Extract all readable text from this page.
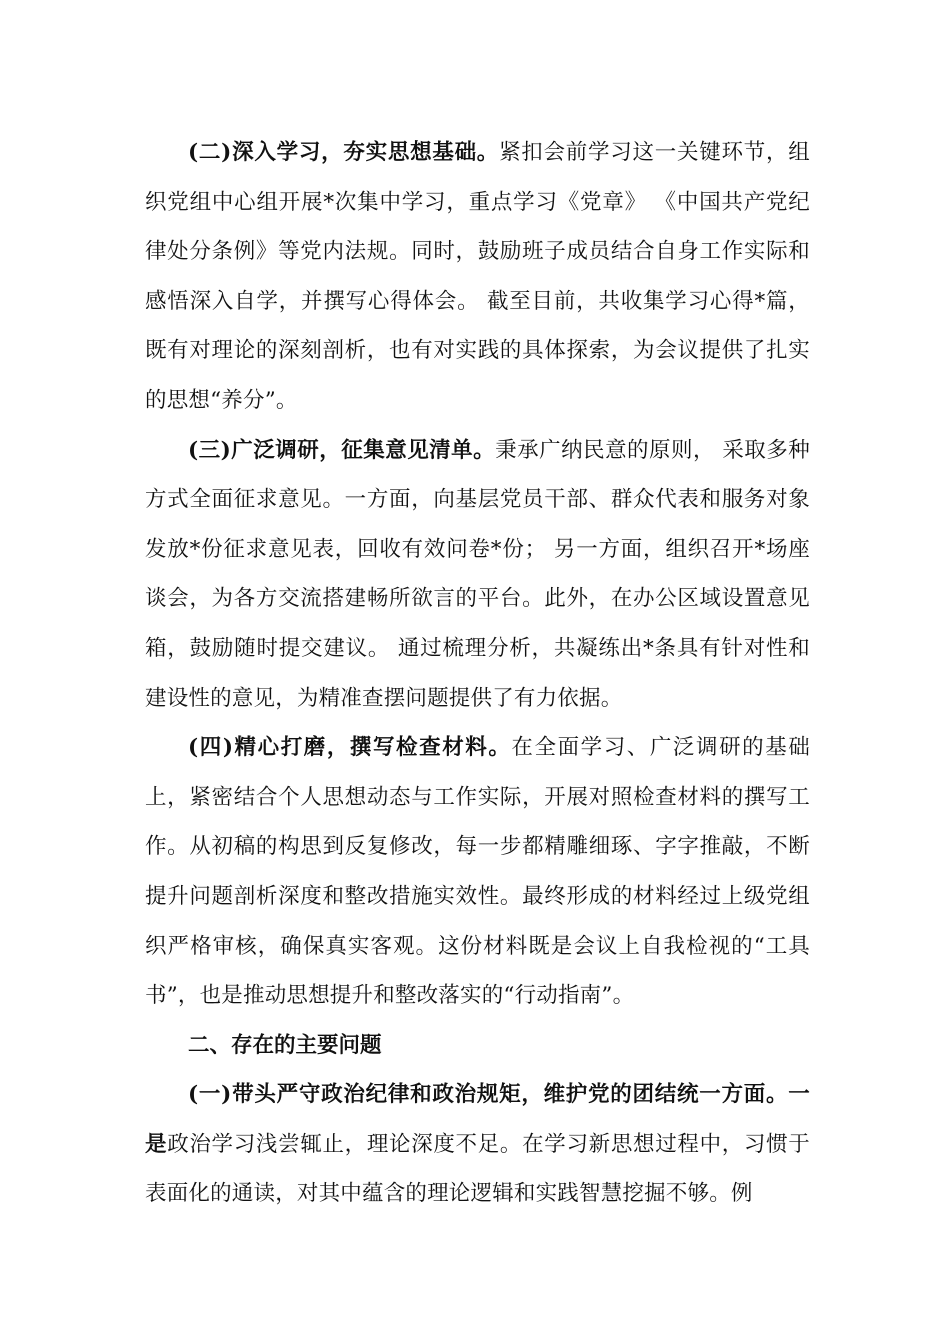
(二)深入学习，夯实思想基础。紧扣会前学习这一关键环节，组织党组中心组开展*次集中学习，重点学习《党章》 《中国共产党纪律处分条例》等党内法规。同时，鼓励班子成员结合自身工作实际和感悟深入自学，并撰写心得体会。 截至目前，共收集学习心得*篇，既有对理论的深刻剖析，也有对实践的具体探索，为会议提供了扎实的思想“养分”。

(三)广泛调研，征集意见清单。秉承广纳民意的原则， 采取多种方式全面征求意见。一方面，向基层党员干部、群众代表和服务对象发放*份征求意见表，回收有效问卷*份； 另一方面，组织召开*场座谈会，为各方交流搭建畅所欲言的平台。此外，在办公区域设置意见箱，鼓励随时提交建议。 通过梳理分析，共凝练出*条具有针对性和建设性的意见，为精准查摆问题提供了有力依据。

(四)精心打磨，撰写检查材料。在全面学习、广泛调研的基础上，紧密结合个人思想动态与工作实际，开展对照检查材料的撰写工作。从初稿的构思到反复修改，每一步都精雕细琢、字字推敲，不断提升问题剖析深度和整改措施实效性。最终形成的材料经过上级党组织严格审核，确保真实客观。这份材料既是会议上自我检视的“工具书”，也是推动思想提升和整改落实的“行动指南”。

二、存在的主要问题

(一)带头严守政治纪律和政治规矩，维护党的团结统一方面。一是政治学习浅尝辄止，理论深度不足。在学习新思想过程中，习惯于表面化的通读，对其中蕴含的理论逻辑和实践智慧挖掘不够。例
